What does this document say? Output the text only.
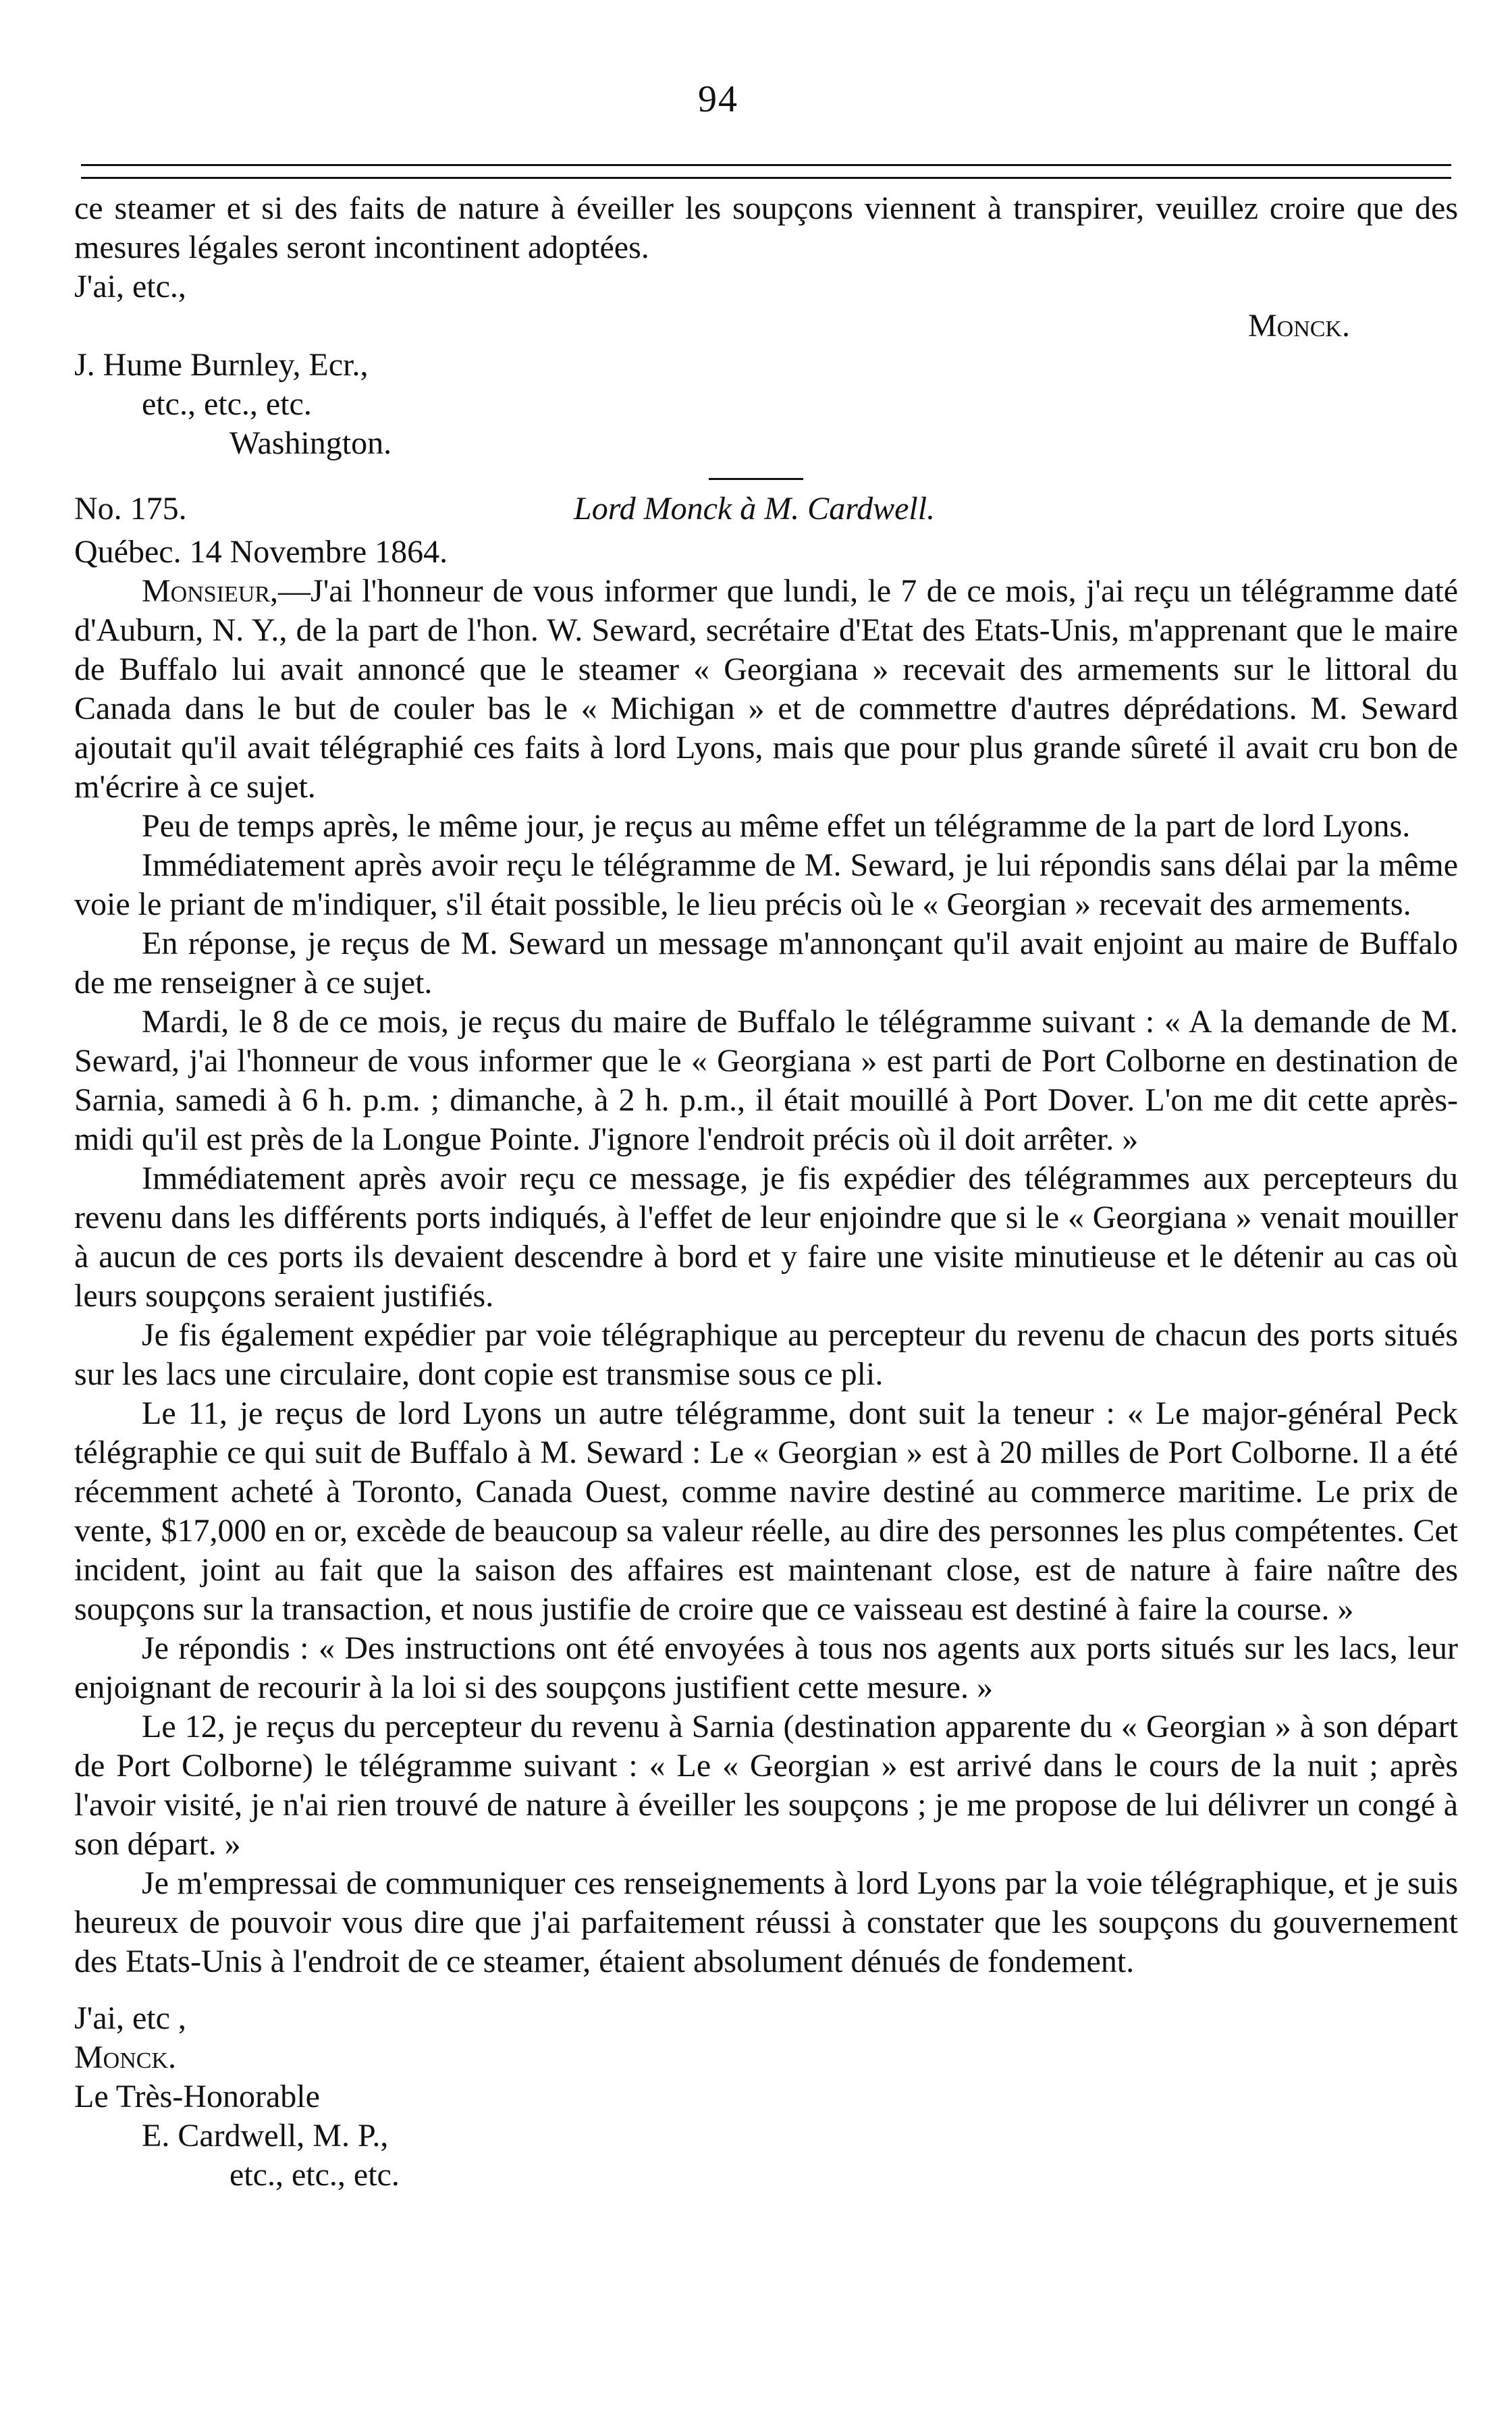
94

ce steamer et si des faits de nature à éveiller les soupçons viennent à transpirer, veuillez croire que des mesures légales seront incontinent adoptées.

J'ai, etc.,

Monck.

J. Hume Burnley, Ecr.,

etc., etc., etc.

Washington.

No. 175.	Lord Monck à M. Cardwell.

Québec. 14 Novembre 1864.

Monsieur,—J'ai l'honneur de vous informer que lundi, le 7 de ce mois, j'ai reçu un télégramme daté d'Auburn, N. Y., de la part de l'hon. W. Seward, secrétaire d'Etat des Etats-Unis, m'apprenant que le maire de Buffalo lui avait annoncé que le steamer « Georgiana » recevait des armements sur le littoral du Canada dans le but de couler bas le « Michigan » et de commettre d'autres déprédations. M. Seward ajoutait qu'il avait télégraphié ces faits à lord Lyons, mais que pour plus grande sûreté il avait cru bon de m'écrire à ce sujet.

Peu de temps après, le même jour, je reçus au même effet un télégramme de la part de lord Lyons.

Immédiatement après avoir reçu le télégramme de M. Seward, je lui répondis sans délai par la même voie le priant de m'indiquer, s'il était possible, le lieu précis où le « Georgian » recevait des armements.

En réponse, je reçus de M. Seward un message m'annonçant qu'il avait enjoint au maire de Buffalo de me renseigner à ce sujet.

Mardi, le 8 de ce mois, je reçus du maire de Buffalo le télégramme suivant : « A la demande de M. Seward, j'ai l'honneur de vous informer que le « Georgiana » est parti de Port Colborne en destination de Sarnia, samedi à 6 h. p.m. ; dimanche, à 2 h. p.m., il était mouillé à Port Dover. L'on me dit cette après-midi qu'il est près de la Longue Pointe. J'ignore l'endroit précis où il doit arrêter. »

Immédiatement après avoir reçu ce message, je fis expédier des télégrammes aux percepteurs du revenu dans les différents ports indiqués, à l'effet de leur enjoindre que si le « Georgiana » venait mouiller à aucun de ces ports ils devaient descendre à bord et y faire une visite minutieuse et le détenir au cas où leurs soupçons seraient justifiés.

Je fis également expédier par voie télégraphique au percepteur du revenu de chacun des ports situés sur les lacs une circulaire, dont copie est transmise sous ce pli.

Le 11, je reçus de lord Lyons un autre télégramme, dont suit la teneur : « Le major-général Peck télégraphie ce qui suit de Buffalo à M. Seward : Le « Georgian » est à 20 milles de Port Colborne. Il a été récemment acheté à Toronto, Canada Ouest, comme navire destiné au commerce maritime. Le prix de vente, $17,000 en or, excède de beaucoup sa valeur réelle, au dire des personnes les plus compétentes. Cet incident, joint au fait que la saison des affaires est maintenant close, est de nature à faire naître des soupçons sur la transaction, et nous justifie de croire que ce vaisseau est destiné à faire la course. »

Je répondis : « Des instructions ont été envoyées à tous nos agents aux ports situés sur les lacs, leur enjoignant de recourir à la loi si des soupçons justifient cette mesure. »

Le 12, je reçus du percepteur du revenu à Sarnia (destination apparente du « Georgian » à son départ de Port Colborne) le télégramme suivant : « Le « Georgian » est arrivé dans le cours de la nuit ; après l'avoir visité, je n'ai rien trouvé de nature à éveiller les soupçons ; je me propose de lui délivrer un congé à son départ. »

Je m'empressai de communiquer ces renseignements à lord Lyons par la voie télégraphique, et je suis heureux de pouvoir vous dire que j'ai parfaitement réussi à constater que les soupçons du gouvernement des Etats-Unis à l'endroit de ce steamer, étaient absolument dénués de fondement.

J'ai, etc ,

Monck.

Le Très-Honorable

E. Cardwell, M. P.,

etc., etc., etc.
